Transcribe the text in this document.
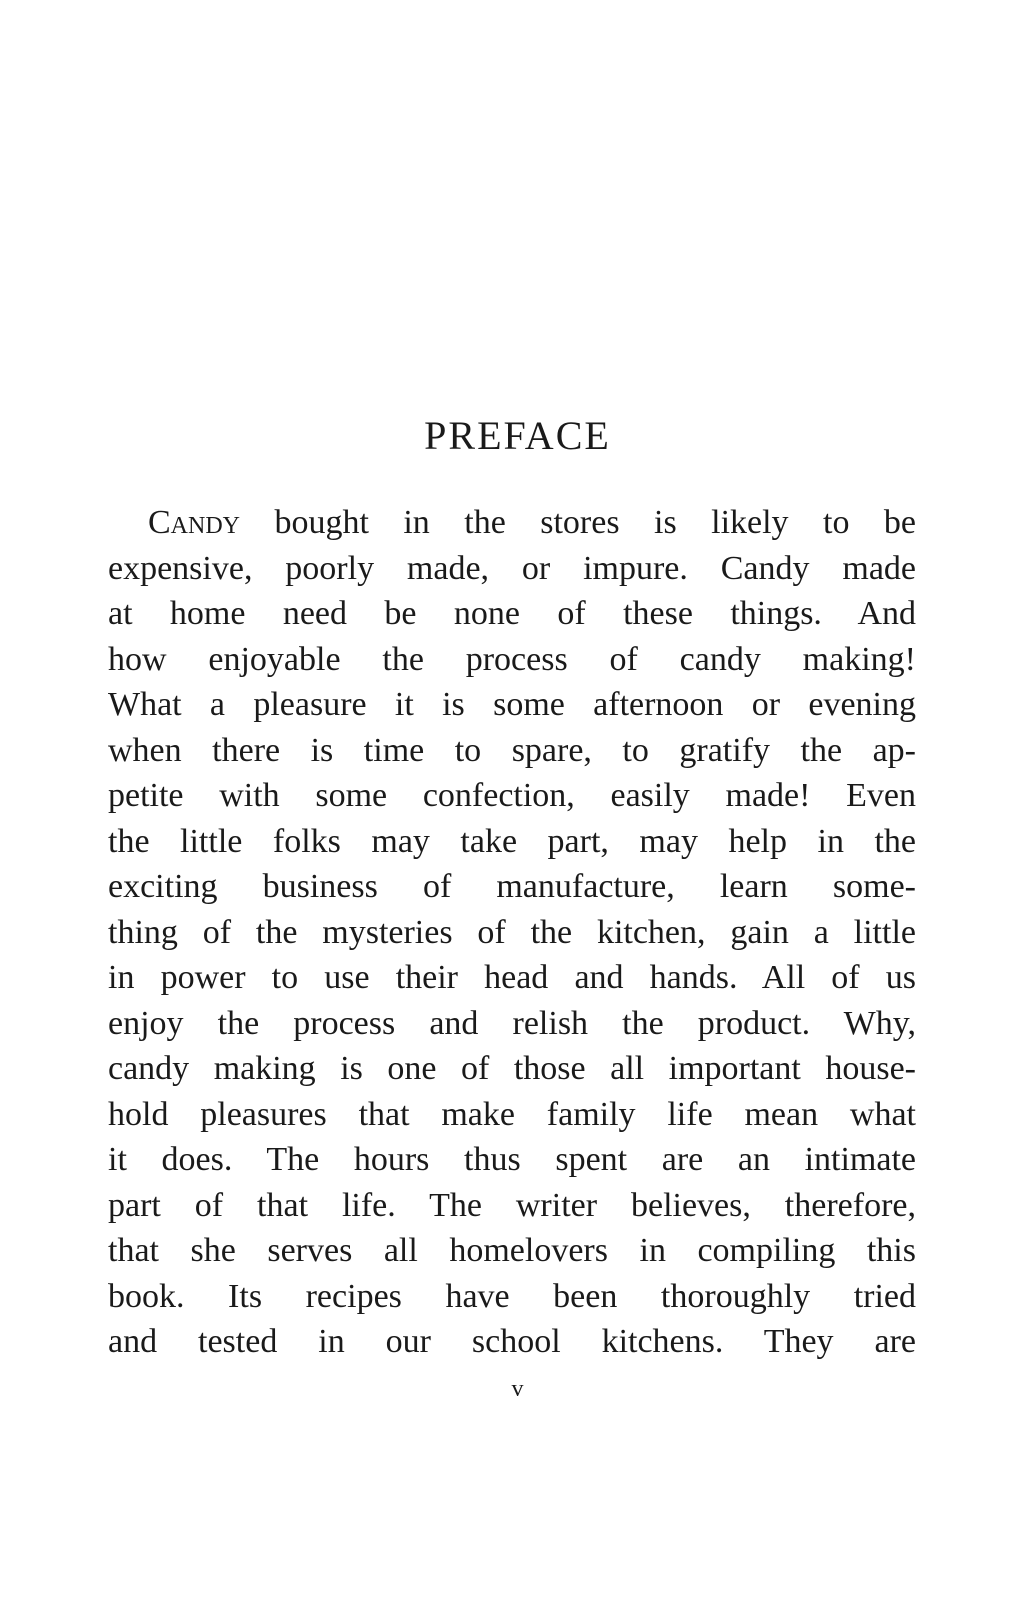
PREFACE
Candy bought in the stores is likely to be
expensive, poorly made, or impure. Candy made
at home need be none of these things. And
how enjoyable the process of candy making!
What a pleasure it is some afternoon or evening
when there is time to spare, to gratify the ap-
petite with some confection, easily made! Even
the little folks may take part, may help in the
exciting business of manufacture, learn some-
thing of the mysteries of the kitchen, gain a little
in power to use their head and hands. All of us
enjoy the process and relish the product. Why,
candy making is one of those all important house-
hold pleasures that make family life mean what
it does. The hours thus spent are an intimate
part of that life. The writer believes, therefore,
that she serves all homelovers in compiling this
book. Its recipes have been thoroughly tried
and tested in our school kitchens. They are
v
